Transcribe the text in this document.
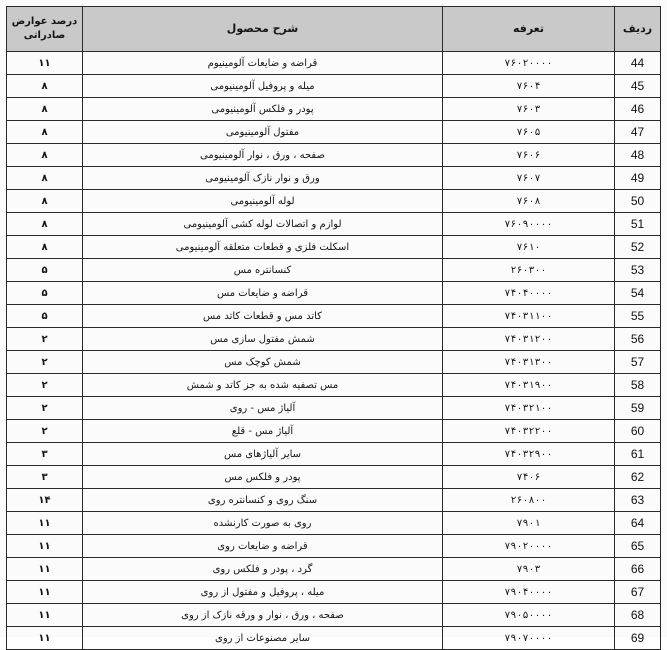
ردیف	تعرفه	شرح محصول	درصد عوارض صادراتی
44	۷۶۰۲۰۰۰۰	قراضه و ضایعات آلومینیوم	۱۱
45	۷۶۰۴	میله و پروفیل آلومینیومی	۸
46	۷۶۰۳	پودر و فلکس آلومینیومی	۸
47	۷۶۰۵	مفتول آلومینیومی	۸
48	۷۶۰۶	صفحه ، ورق ، نوار آلومینیومی	۸
49	۷۶۰۷	ورق و نوار نازک آلومینیومی	۸
50	۷۶۰۸	لوله آلومینیومی	۸
51	۷۶۰۹۰۰۰۰	لوازم و اتصالات لوله کشی آلومینیومی	۸
52	۷۶۱۰	اسکلت فلزی و قطعات متعلقه آلومینیومی	۸
53	۲۶۰۳۰۰	کنسانتره مس	۵
54	۷۴۰۴۰۰۰۰	قراضه و ضایعات مس	۵
55	۷۴۰۳۱۱۰۰	کاتد مس و قطعات کاتد مس	۵
56	۷۴۰۳۱۲۰۰	شمش مفتول سازی مس	۲
57	۷۴۰۳۱۳۰۰	شمش کوچک مس	۲
58	۷۴۰۳۱۹۰۰	مس تصفیه شده به جز کاتد و شمش	۲
59	۷۴۰۳۲۱۰۰	آلیاژ مس - روی	۲
60	۷۴۰۳۲۲۰۰	آلیاژ مس - قلع	۲
61	۷۴۰۳۲۹۰۰	سایر آلیاژهای مس	۳
62	۷۴۰۶	پودر و فلکس مس	۳
63	۲۶۰۸۰۰	سنگ روی و کنسانتره روی	۱۴
64	۷۹۰۱	روی به صورت کارنشده	۱۱
65	۷۹۰۲۰۰۰۰	قراضه و ضایعات روی	۱۱
66	۷۹۰۳	گرد ، پودر و فلکس روی	۱۱
67	۷۹۰۴۰۰۰۰	میله ، پروفیل و مفتول از روی	۱۱
68	۷۹۰۵۰۰۰۰	صفحه ، ورق ، نوار و ورقه نازک از روی	۱۱
69	۷۹۰۷۰۰۰۰	سایر مصنوعات از روی	۱۱
